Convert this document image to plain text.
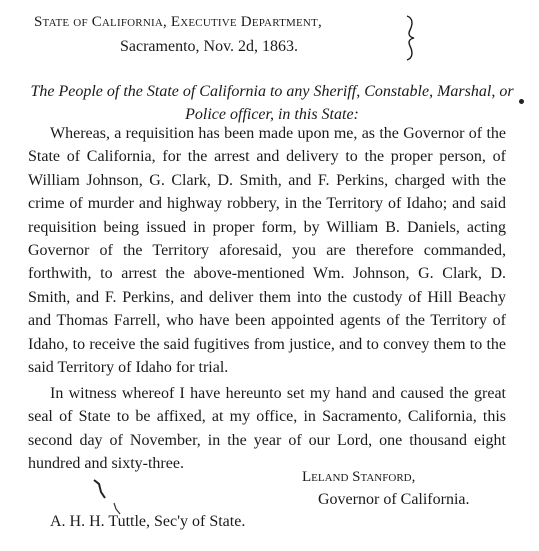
State of California, Executive Department,
Sacramento, Nov. 2d, 1863.
The People of the State of California to any Sheriff, Constable, Marshal, or Police officer, in this State:
Whereas, a requisition has been made upon me, as the Governor of the State of California, for the arrest and delivery to the proper person, of William Johnson, G. Clark, D. Smith, and F. Perkins, charged with the crime of murder and highway robbery, in the Territory of Idaho; and said requisition being issued in proper form, by William B. Daniels, acting Governor of the Territory aforesaid, you are therefore commanded, forthwith, to arrest the above-mentioned Wm. Johnson, G. Clark, D. Smith, and F. Perkins, and deliver them into the custody of Hill Beachy and Thomas Farrell, who have been appointed agents of the Territory of Idaho, to receive the said fugitives from justice, and to convey them to the said Territory of Idaho for trial.
In witness whereof I have hereunto set my hand and caused the great seal of State to be affixed, at my office, in Sacramento, California, this second day of November, in the year of our Lord, one thousand eight hundred and sixty-three.
Leland Stanford,
Governor of California.
A. H. H. Tuttle, Sec'y of State.
